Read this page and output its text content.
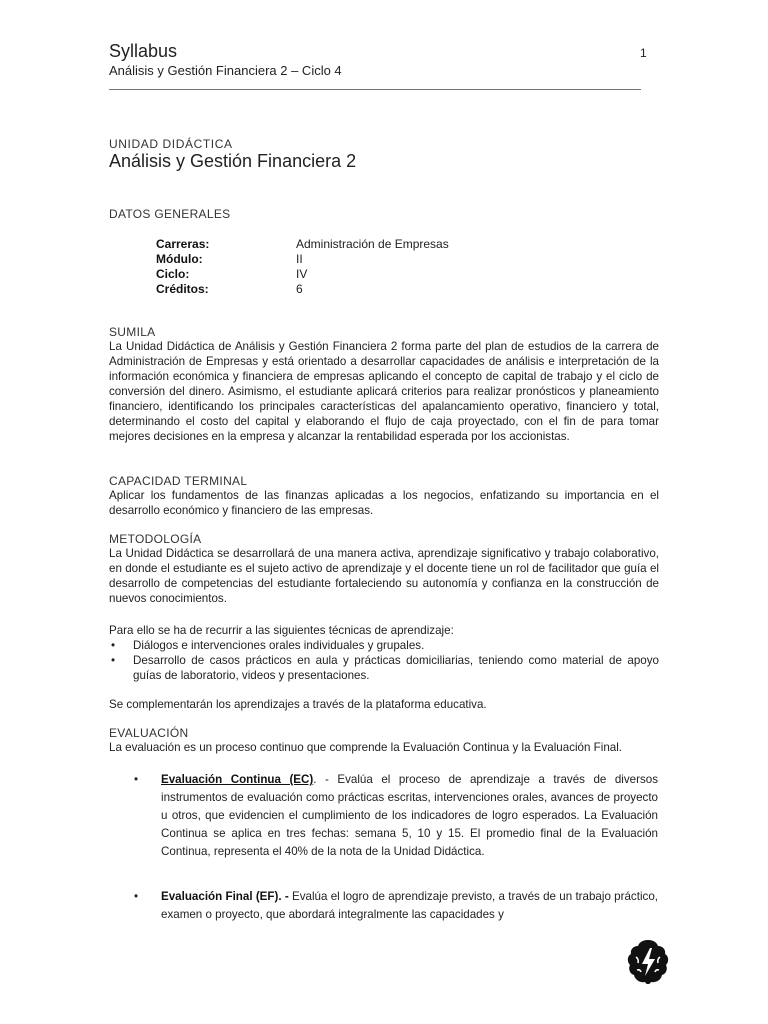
Syllabus
Análisis y Gestión Financiera 2 – Ciclo 4
1
UNIDAD DIDÁCTICA
Análisis y Gestión Financiera 2
DATOS GENERALES
Carreras:	Administración de Empresas
Módulo:	II
Ciclo:	IV
Créditos:	6
SUMILA
La Unidad Didáctica de Análisis y Gestión Financiera 2 forma parte del plan de estudios de la carrera de Administración de Empresas y está orientado a desarrollar capacidades de análisis e interpretación de la información económica y financiera de empresas aplicando el concepto de capital de trabajo y el ciclo de conversión del dinero. Asimismo, el estudiante aplicará criterios para realizar pronósticos y planeamiento financiero, identificando los principales características del apalancamiento operativo, financiero y total, determinando el costo del capital y elaborando el flujo de caja proyectado, con el fin de para tomar mejores decisiones en la empresa y alcanzar la rentabilidad esperada por los accionistas.
CAPACIDAD TERMINAL
Aplicar los fundamentos de las finanzas aplicadas a los negocios, enfatizando su importancia en el desarrollo económico y financiero de las empresas.
METODOLOGÍA
La Unidad Didáctica se desarrollará de una manera activa, aprendizaje significativo y trabajo colaborativo, en donde el estudiante es el sujeto activo de aprendizaje y el docente tiene un rol de facilitador que guía el desarrollo de competencias del estudiante fortaleciendo su autonomía y confianza en la construcción de nuevos conocimientos.
Para ello se ha de recurrir a las siguientes técnicas de aprendizaje:
• Diálogos e intervenciones orales individuales y grupales.
• Desarrollo de casos prácticos en aula y prácticas domiciliarias, teniendo como material de apoyo guías de laboratorio, videos y presentaciones.
Se complementarán los aprendizajes a través de la plataforma educativa.
EVALUACIÓN
La evaluación es un proceso continuo que comprende la Evaluación Continua y la Evaluación Final.
• Evaluación Continua (EC). - Evalúa el proceso de aprendizaje a través de diversos instrumentos de evaluación como prácticas escritas, intervenciones orales, avances de proyecto u otros, que evidencien el cumplimiento de los indicadores de logro esperados. La Evaluación Continua se aplica en tres fechas: semana 5, 10 y 15. El promedio final de la Evaluación Continua, representa el 40% de la nota de la Unidad Didáctica.
• Evaluación Final (EF). - Evalúa el logro de aprendizaje previsto, a través de un trabajo práctico, examen o proyecto, que abordará integralmente las capacidades y
